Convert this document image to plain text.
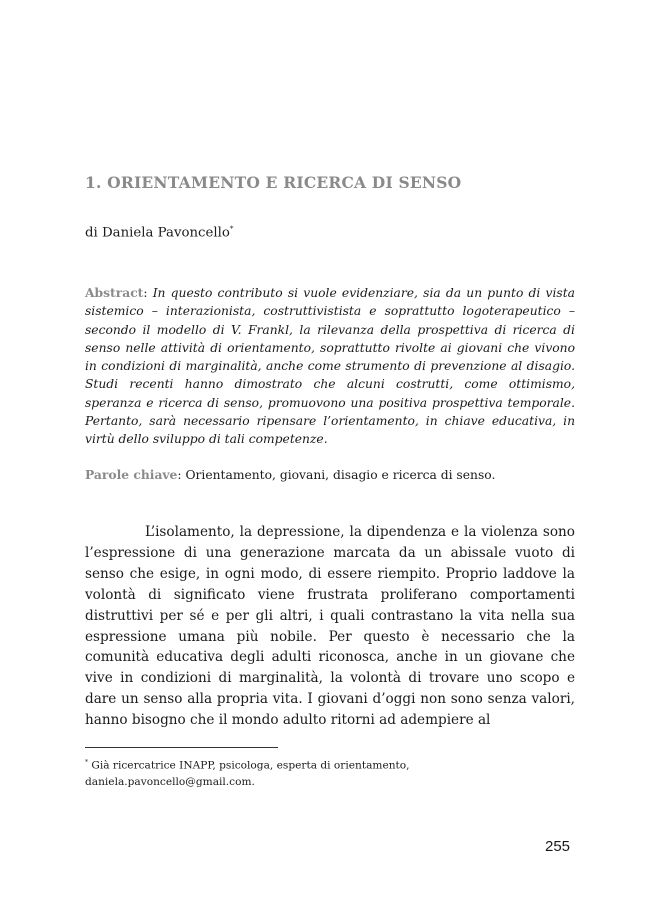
1. ORIENTAMENTO E RICERCA DI SENSO

di Daniela Pavoncello*

Abstract: In questo contributo si vuole evidenziare, sia da un punto di vista sistemico – interazionista, costruttivistista e soprattutto logoterapeutico – secondo il modello di V. Frankl, la rilevanza della prospettiva di ricerca di senso nelle attività di orientamento, soprattutto rivolte ai giovani che vivono in condizioni di marginalità, anche come strumento di prevenzione al disagio. Studi recenti hanno dimostrato che alcuni costrutti, come ottimismo, speranza e ricerca di senso, promuovono una positiva prospettiva temporale. Pertanto, sarà necessario ripensare l’orientamento, in chiave educativa, in virtù dello sviluppo di tali competenze.

Parole chiave: Orientamento, giovani, disagio e ricerca di senso.

L’isolamento, la depressione, la dipendenza e la violenza sono l’espressione di una generazione marcata da un abissale vuoto di senso che esige, in ogni modo, di essere riempito. Proprio laddove la volontà di significato viene frustrata proliferano comportamenti distruttivi per sé e per gli altri, i quali contrastano la vita nella sua espressione umana più nobile. Per questo è necessario che la comunità educativa degli adulti riconosca, anche in un giovane che vive in condizioni di marginalità, la volontà di trovare uno scopo e dare un senso alla propria vita. I giovani d’oggi non sono senza valori, hanno bisogno che il mondo adulto ritorni ad adempiere al

* Già ricercatrice INAPP, psicologa, esperta di orientamento,
daniela.pavoncello@gmail.com.

255
